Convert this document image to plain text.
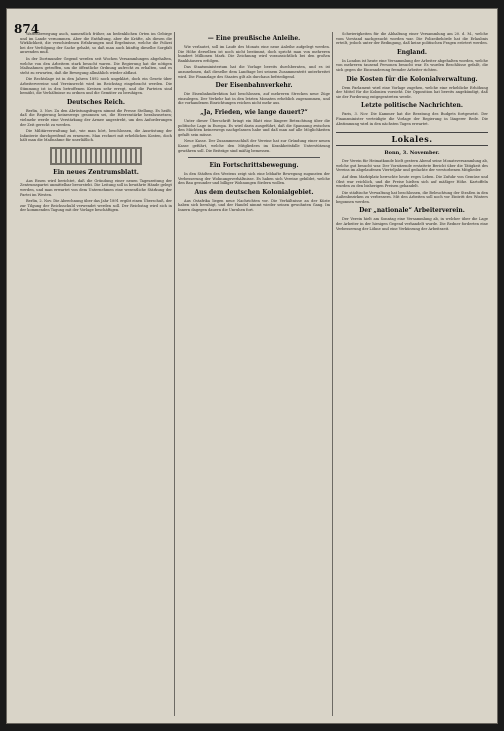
874

Waffenbewegung auch, namentlich früher, an bedenklichen Orten im Gebirge und im Lande vernommen. Aber die Entfaltung, aber die Kräfte, als diesen die Wirklichkeit, die verschiedenen Erfahrungen und Ergebnisse, welche die Polizei bei der Verfolgung der Sache gehabt, so daß man auch künftig dieselbe Sorgfalt anwenden muß.

In der Dortmunder Gegend werden seit Wochen Versammlungen abgehalten, welche von den Arbeitern stark besucht waren. Die Regierung hat die nötigen Maßnahmen getroffen, um die öffentliche Ordnung aufrecht zu erhalten, und es steht zu erwarten, daß die Bewegung allmählich wieder abflaut.

Die Rechtslage ist in den Jahren 1892 noch ungeklärt, doch ein Gesetz über Arbeitervereine und Vereinsrecht wird im Reichstag eingebracht werden. Die Stimmung ist in den betroffenen Kreisen sehr erregt, und die Parteien sind bemüht, die Verhältnisse zu ordnen und die Gemüter zu beruhigen.

Deutsches Reich.

Berlin, 3. Nov. Zu den Abrüstungsfragen nimmt die Presse Stellung. Es heißt, daß die Regierung keineswegs gesonnen sei, die Heeresstärke herabzusetzen; vielmehr werde eine Verstärkung der Armee angestrebt, um den Anforderungen der Zeit gerecht zu werden.

Die Militärverwaltung hat, wie man hört, beschlossen, die Ausrüstung der Infanterie durchgreifend zu erneuern. Man rechnet mit erheblichen Kosten, doch hält man die Maßnahme für unerläßlich.

Ein neues Zentrumsblatt.

Aus Essen wird berichtet, daß die Gründung einer neuen Tageszeitung der Zentrumspartei unmittelbar bevorsteht. Die Leitung soll in bewährte Hände gelegt werden, und man erwartet von dem Unternehmen eine wesentliche Stärkung der Partei im Westen.

Berlin, 2. Nov. Die Abrechnung über das Jahr 1891 ergibt einen Überschuß, der zur Tilgung der Reichsschuld verwendet werden soll. Der Reichstag wird sich in der kommenden Tagung mit der Vorlage beschäftigen.

— Eine preußische Anleihe.

Wie verlautet, soll im Laufe des Monats eine neue Anleihe aufgelegt werden. Die Höhe derselben ist noch nicht bestimmt, doch spricht man von mehreren hundert Millionen Mark. Die Zeichnung wird voraussichtlich bei den großen Bankhäusern erfolgen.

Das Staatsministerium hat die Vorlage bereits durchberaten, und es ist anzunehmen, daß dieselbe dem Landtage bei seinem Zusammentritt unterbreitet wird. Die Finanzlage des Staates gilt als durchaus befriedigend.

Der Eisenbahnverkehr.

Die Eisenbahndirektion hat beschlossen, auf mehreren Strecken neue Züge einzulegen. Der Verkehr hat in den letzten Monaten erheblich zugenommen, und die vorhandenen Einrichtungen reichen nicht mehr aus.

„Ja, Frieden, wie lange dauert?“

Unter dieser Überschrift bringt ein Blatt eine längere Betrachtung über die politische Lage in Europa. Es wird darin ausgeführt, daß die Spannung zwischen den Mächten keineswegs nachgelassen habe und daß man auf alle Möglichkeiten gefaßt sein müsse.

Neue Kasse. Der Zusammenschluß der Vereine hat zur Gründung einer neuen Kasse geführt, welche den Mitgliedern im Krankheitsfalle Unterstützung gewähren soll. Die Beiträge sind mäßig bemessen.

Ein Fortschrittsbewegung.

In den Städten des Westens zeigt sich eine lebhafte Bewegung zugunsten der Verbesserung der Wohnungsverhältnisse. Es haben sich Vereine gebildet, welche den Bau gesunder und billiger Wohnungen fördern wollen.

Aus dem deutschen Kolonialgebiet.

Aus Ostafrika liegen neue Nachrichten vor. Die Verhältnisse an der Küste haben sich beruhigt, und der Handel nimmt wieder seinen gewohnten Gang. Im Innern dagegen dauern die Unruhen fort.

Schwierigkeiten für die Abhaltung einer Versammlung am 20. d. M., welche vom Vorstand nachgesucht worden war. Die Polizeibehörde hat die Erlaubnis erteilt, jedoch unter der Bedingung, daß keine politischen Fragen erörtert werden.

England.

In London ist heute eine Versammlung der Arbeiter abgehalten worden, welche von mehreren tausend Personen besucht war. Es wurden Beschlüsse gefaßt, die sich gegen die Einwanderung fremder Arbeiter richten.

Die Kosten für die Kolonialverwaltung.

Dem Parlament wird eine Vorlage zugehen, welche eine erhebliche Erhöhung der Mittel für die Kolonien vorsieht. Die Opposition hat bereits angekündigt, daß sie der Forderung entgegentreten werde.

Letzte politische Nachrichten.

Paris, 3. Nov. Die Kammer hat die Beratung des Budgets fortgesetzt. Der Finanzminister verteidigte die Vorlage der Regierung in längerer Rede. Die Abstimmung wird in den nächsten Tagen erwartet.

Lokales.
Bonn, 3. November.

Der Verein für Heimatkunde hielt gestern Abend seine Monatsversammlung ab, welche gut besucht war. Der Vorsitzende erstattete Bericht über die Tätigkeit des Vereins im abgelaufenen Vierteljahr und gedachte der verstorbenen Mitglieder.

Auf dem Marktplatz herrschte heute reges Leben. Die Zufuhr von Gemüse und Obst war reichlich, und die Preise hielten sich auf mäßiger Höhe. Kartoffeln wurden zu den bisherigen Preisen gehandelt.

Die städtische Verwaltung hat beschlossen, die Beleuchtung der Straßen in den Außenbezirken zu verbessern. Mit den Arbeiten soll noch vor Eintritt des Winters begonnen werden.

Der „nationale“ Arbeiterverein.

Der Verein hielt am Sonntag eine Versammlung ab, in welcher über die Lage der Arbeiter in der hiesigen Gegend verhandelt wurde. Die Redner forderten eine Verbesserung der Löhne und eine Verkürzung der Arbeitszeit.
